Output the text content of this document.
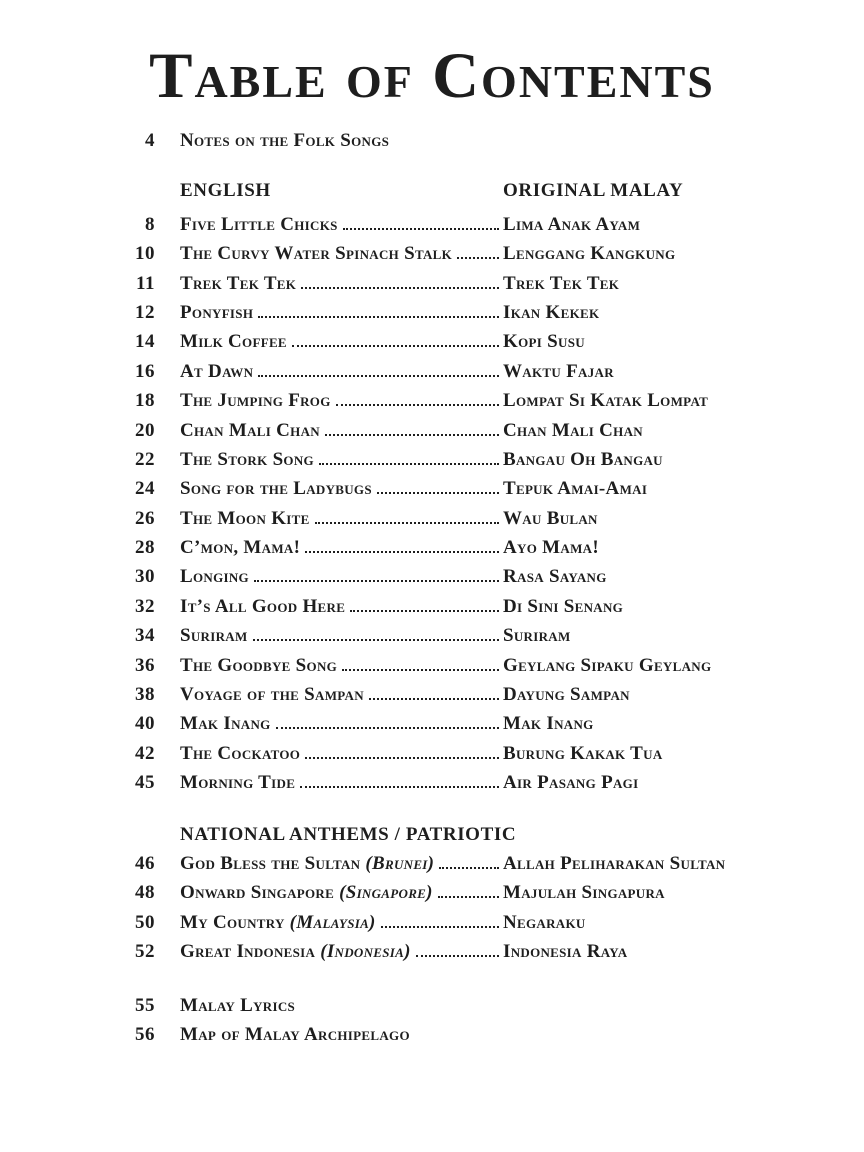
Table of Contents
4 Notes on the Folk Songs
ENGLISH	ORIGINAL MALAY
8 Five Little Chicks	Lima Anak Ayam
10 The Curvy Water Spinach Stalk	Lenggang Kangkung
11 Trek Tek Tek	Trek Tek Tek
12 Ponyfish	Ikan Kekek
14 Milk Coffee	Kopi Susu
16 At Dawn	Waktu Fajar
18 The Jumping Frog	Lompat Si Katak Lompat
20 Chan Mali Chan	Chan Mali Chan
22 The Stork Song	Bangau Oh Bangau
24 Song for the Ladybugs	Tepuk Amai-Amai
26 The Moon Kite	Wau Bulan
28 C’mon, Mama!	Ayo Mama!
30 Longing	Rasa Sayang
32 It’s All Good Here	Di Sini Senang
34 Suriram	Suriram
36 The Goodbye Song	Geylang Sipaku Geylang
38 Voyage of the Sampan	Dayung Sampan
40 Mak Inang	Mak Inang
42 The Cockatoo	Burung Kakak Tua
45 Morning Tide	Air Pasang Pagi
NATIONAL ANTHEMS / PATRIOTIC
46 God Bless the Sultan (Brunei)	Allah Peliharakan Sultan
48 Onward Singapore (Singapore)	Majulah Singapura
50 My Country (Malaysia)	Negaraku
52 Great Indonesia (Indonesia)	Indonesia Raya
55 Malay Lyrics
56 Map of Malay Archipelago
